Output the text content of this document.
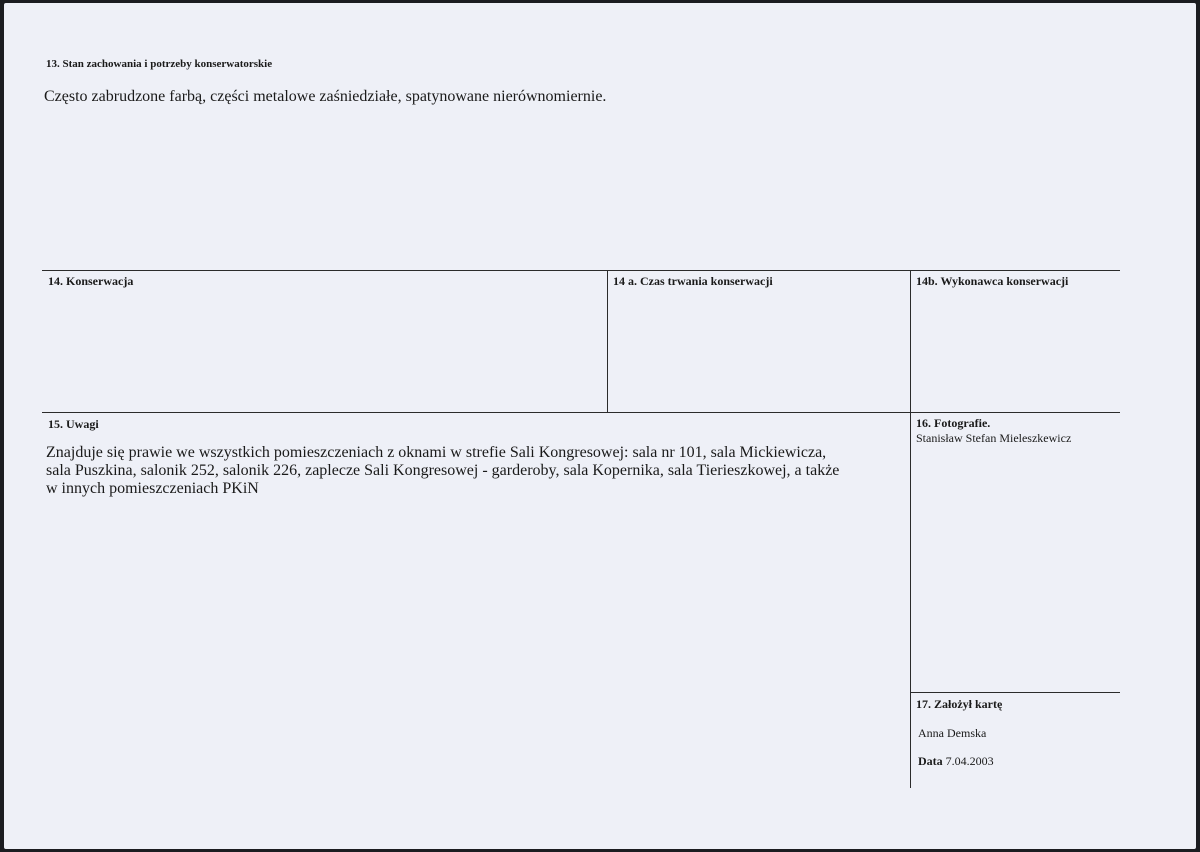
13. Stan zachowania i potrzeby konserwatorskie
Często zabrudzone farbą, części metalowe zaśniedziałe, spatynowane nierównomiernie.
14. Konserwacja	14 a. Czas trwania konserwacji	14b. Wykonawca konserwacji
15. Uwagi
Znajduje się prawie we wszystkich pomieszczeniach z oknami w strefie Sali Kongresowej: sala nr 101, sala Mickiewicza,
sala Puszkina, salonik 252, salonik 226, zaplecze Sali Kongresowej - garderoby, sala Kopernika, sala Tierieszkowej, a także
w innych pomieszczeniach PKiN
16. Fotografie.
Stanisław Stefan Mieleszkewicz
17. Założył kartę
Anna Demska
Data 7.04.2003
